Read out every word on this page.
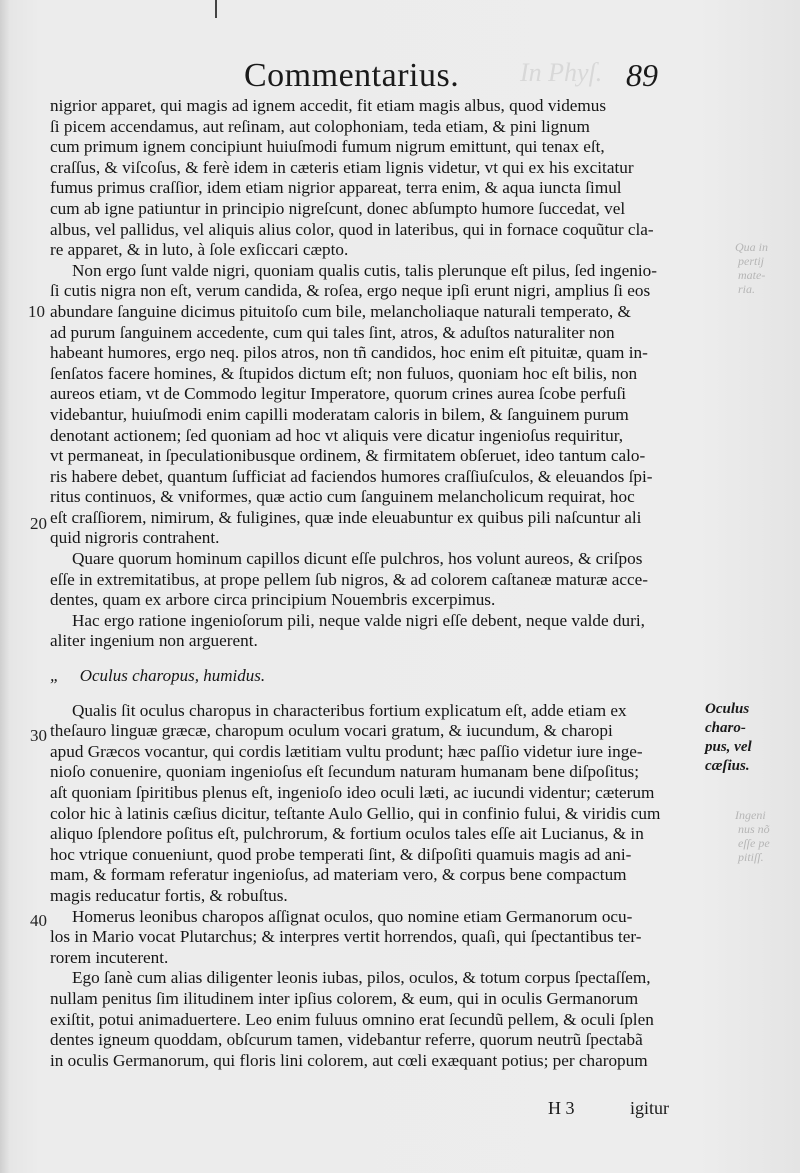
In Phyſ.
Commentarius.	89
Qua in
pertij
mate-
ria.
Ingeni
nus nõ
eſſe pe
pitiſſ.
10
20
30
40
Oculus
charo-
pus, vel
cæſius.
nigrior apparet, qui magis ad ignem accedit, fit etiam magis albus, quod videmus
ſi picem accendamus, aut reſinam, aut colophoniam, teda etiam, & pini lignum
cum primum ignem concipiunt huiuſmodi fumum nigrum emittunt, qui tenax eſt,
craſſus, & viſcoſus, & ferè idem in cæteris etiam lignis videtur, vt qui ex his excitatur
fumus primus craſſior, idem etiam nigrior appareat, terra enim, & aqua iuncta ſimul
cum ab igne patiuntur in principio nigreſcunt, donec abſumpto humore ſuccedat, vel
albus, vel pallidus, vel aliquis alius color, quod in lateribus, qui in fornace coquũtur cla-
re apparet, & in luto, à ſole exſiccari cæpto.
Non ergo ſunt valde nigri, quoniam qualis cutis, talis plerunque eſt pilus, ſed ingenio-
ſi cutis nigra non eſt, verum candida, & roſea, ergo neque ipſi erunt nigri, amplius ſi eos
abundare ſanguine dicimus pituitoſo cum bile, melancholiaque naturali temperato, &
ad purum ſanguinem accedente, cum qui tales ſint, atros, & aduſtos naturaliter non
habeant humores, ergo neq. pilos atros, non tñ candidos, hoc enim eſt pituitæ, quam in-
ſenſatos facere homines, & ſtupidos dictum eſt; non fuluos, quoniam hoc eſt bilis, non
aureos etiam, vt de Commodo legitur Imperatore, quorum crines aurea ſcobe perfuſi
videbantur, huiuſmodi enim capilli moderatam caloris in bilem, & ſanguinem purum
denotant actionem; ſed quoniam ad hoc vt aliquis vere dicatur ingenioſus requiritur,
vt permaneat, in ſpeculationibusque ordinem, & firmitatem obſeruet, ideo tantum calo-
ris habere debet, quantum ſufficiat ad faciendos humores craſſiuſculos, & eleuandos ſpi-
ritus continuos, & vniformes, quæ actio cum ſanguinem melancholicum requirat, hoc
eſt craſſiorem, nimirum, & fuligines, quæ inde eleuabuntur ex quibus pili naſcuntur ali
quid nigroris contrahent.
Quare quorum hominum capillos dicunt eſſe pulchros, hos volunt aureos, & criſpos
eſſe in extremitatibus, at prope pellem ſub nigros, & ad colorem caſtaneæ maturæ acce-
dentes, quam ex arbore circa principium Nouembris excerpimus.
Hac ergo ratione ingenioſorum pili, neque valde nigri eſſe debent, neque valde duri,
aliter ingenium non arguerent.
„ Oculus charopus, humidus.
Qualis ſit oculus charopus in characteribus fortium explicatum eſt, adde etiam ex
theſauro linguæ græcæ, charopum oculum vocari gratum, & iucundum, & charopi
apud Græcos vocantur, qui cordis lætitiam vultu produnt; hæc paſſio videtur iure inge-
nioſo conuenire, quoniam ingenioſus eſt ſecundum naturam humanam bene diſpoſitus;
aſt quoniam ſpiritibus plenus eſt, ingenioſo ideo oculi læti, ac iucundi videntur; cæterum
color hic à latinis cæſius dicitur, teſtante Aulo Gellio, qui in confinio fului, & viridis cum
aliquo ſplendore poſitus eſt, pulchrorum, & fortium oculos tales eſſe ait Lucianus, & in
hoc vtrique conueniunt, quod probe temperati ſint, & diſpoſiti quamuis magis ad ani-
mam, & formam referatur ingenioſus, ad materiam vero, & corpus bene compactum
magis reducatur fortis, & robuſtus.
Homerus leonibus charopos aſſignat oculos, quo nomine etiam Germanorum ocu-
los in Mario vocat Plutarchus; & interpres vertit horrendos, quaſi, qui ſpectantibus ter-
rorem incuterent.
Ego ſanè cum alias diligenter leonis iubas, pilos, oculos, & totum corpus ſpectaſſem,
nullam penitus ſim ilitudinem inter ipſius colorem, & eum, qui in oculis Germanorum
exiſtit, potui animaduertere. Leo enim fuluus omnino erat ſecundũ pellem, & oculi ſplen
dentes igneum quoddam, obſcurum tamen, videbantur referre, quorum neutrũ ſpectabã
in oculis Germanorum, qui floris lini colorem, aut cœli exæquant potius; per charopum
H 3	igitur
